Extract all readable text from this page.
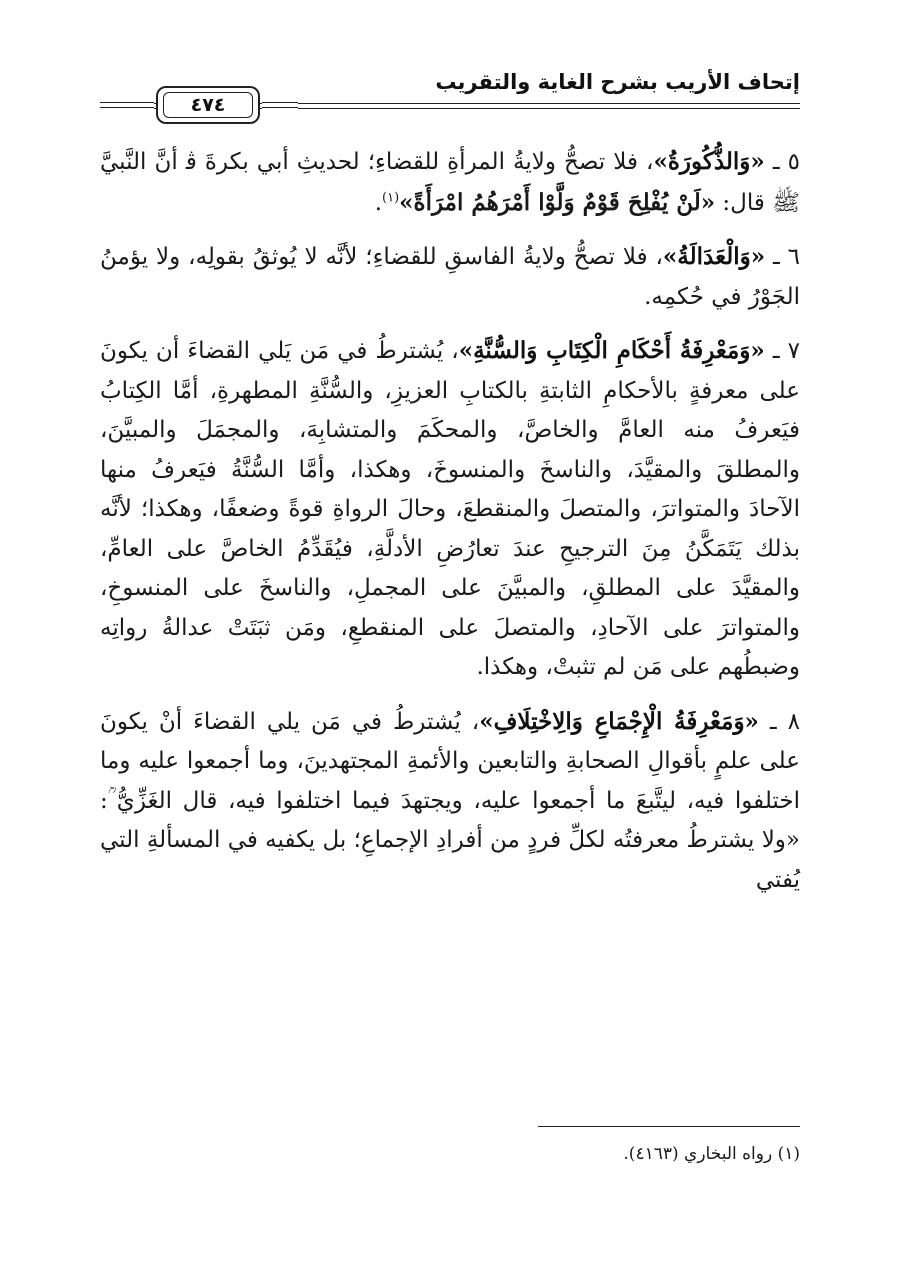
إتحاف الأريب بشرح الغاية والتقريب
٤٧٤

٥ ـ «وَالذُّكُورَةُ»، فلا تصحُّ ولايةُ المرأةِ للقضاءِ؛ لحديثِ أبي بكرةَ ﭬ أنَّ النَّبيَّ ﷺ قال: «لَنْ يُفْلِحَ قَوْمٌ وَلَّوْا أَمْرَهُمُ امْرَأَةً»$^{(١)}$.

٦ ـ «وَالْعَدَالَةُ»، فلا تصحُّ ولايةُ الفاسقِ للقضاءِ؛ لأنَّه لا يُوثقُ بقولِه، ولا يؤمنُ الجَوْرُ في حُكمِه.

٧ ـ «وَمَعْرِفَةُ أَحْكَامِ الْكِتَابِ وَالسُّنَّةِ»، يُشترطُ في مَن يَلي القضاءَ أن يكونَ على معرفةٍ بالأحكامِ الثابتةِ بالكتابِ العزيزِ، والسُّنَّةِ المطهرةِ، أمَّا الكِتابُ فيَعرفُ منه العامَّ والخاصَّ، والمحكَمَ والمتشابِهَ، والمجمَلَ والمبيَّنَ، والمطلقَ والمقيَّدَ، والناسخَ والمنسوخَ، وهكذا، وأمَّا السُّنَّةُ فيَعرفُ منها الآحادَ والمتواترَ، والمتصلَ والمنقطعَ، وحالَ الرواةِ قوةً وضعفًا، وهكذا؛ لأنَّه بذلك يَتَمَكَّنُ مِنَ الترجيحِ عندَ تعارُضِ الأدلَّةِ، فيُقَدِّمُ الخاصَّ على العامِّ، والمقيَّدَ على المطلقِ، والمبيَّنَ على المجملِ، والناسخَ على المنسوخِ، والمتواترَ على الآحادِ، والمتصلَ على المنقطعِ، ومَن ثبَتَتْ عدالةُ رواتِه وضبطُهم على مَن لم تثبتْ، وهكذا.

٨ ـ «وَمَعْرِفَةُ الْإِجْمَاعِ وَالِاخْتِلَافِ»، يُشترطُ في مَن يلي القضاءَ أنْ يكونَ على علمٍ بأقوالِ الصحابةِ والتابعين والأئمةِ المجتهدينَ، وما أجمعوا عليه وما اختلفوا فيه، ليتَّبعَ ما أجمعوا عليه، ويجتهدَ فيما اختلفوا فيه، قال الغَزِّيُّ ؒ: «ولا يشترطُ معرفتُه لكلِّ فردٍ من أفرادِ الإجماعِ؛ بل يكفيه في المسألةِ التي يُفتي

(١) رواه البخاري (٤١٦٣).
